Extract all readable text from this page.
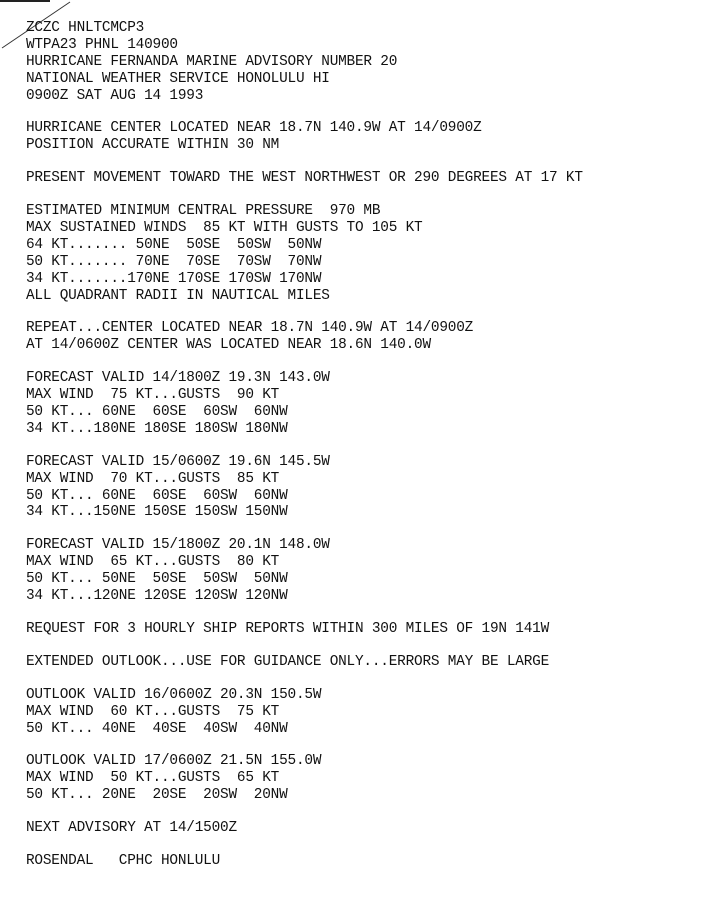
ZCZC HNLTCMCP3
WTPA23 PHNL 140900
HURRICANE FERNANDA MARINE ADVISORY NUMBER 20
NATIONAL WEATHER SERVICE HONOLULU HI
0900Z SAT AUG 14 1993
HURRICANE CENTER LOCATED NEAR 18.7N 140.9W AT 14/0900Z
POSITION ACCURATE WITHIN 30 NM
PRESENT MOVEMENT TOWARD THE WEST NORTHWEST OR 290 DEGREES AT 17 KT
ESTIMATED MINIMUM CENTRAL PRESSURE  970 MB
MAX SUSTAINED WINDS  85 KT WITH GUSTS TO 105 KT
64 KT....... 50NE  50SE  50SW  50NW
50 KT....... 70NE  70SE  70SW  70NW
34 KT.......170NE 170SE 170SW 170NW
ALL QUADRANT RADII IN NAUTICAL MILES
REPEAT...CENTER LOCATED NEAR 18.7N 140.9W AT 14/0900Z
AT 14/0600Z CENTER WAS LOCATED NEAR 18.6N 140.0W
FORECAST VALID 14/1800Z 19.3N 143.0W
MAX WIND  75 KT...GUSTS  90 KT
50 KT... 60NE  60SE  60SW  60NW
34 KT...180NE 180SE 180SW 180NW
FORECAST VALID 15/0600Z 19.6N 145.5W
MAX WIND  70 KT...GUSTS  85 KT
50 KT... 60NE  60SE  60SW  60NW
34 KT...150NE 150SE 150SW 150NW
FORECAST VALID 15/1800Z 20.1N 148.0W
MAX WIND  65 KT...GUSTS  80 KT
50 KT... 50NE  50SE  50SW  50NW
34 KT...120NE 120SE 120SW 120NW
REQUEST FOR 3 HOURLY SHIP REPORTS WITHIN 300 MILES OF 19N 141W
EXTENDED OUTLOOK...USE FOR GUIDANCE ONLY...ERRORS MAY BE LARGE
OUTLOOK VALID 16/0600Z 20.3N 150.5W
MAX WIND  60 KT...GUSTS  75 KT
50 KT... 40NE  40SE  40SW  40NW
OUTLOOK VALID 17/0600Z 21.5N 155.0W
MAX WIND  50 KT...GUSTS  65 KT
50 KT... 20NE  20SE  20SW  20NW
NEXT ADVISORY AT 14/1500Z
ROSENDAL   CPHC HONLULU
